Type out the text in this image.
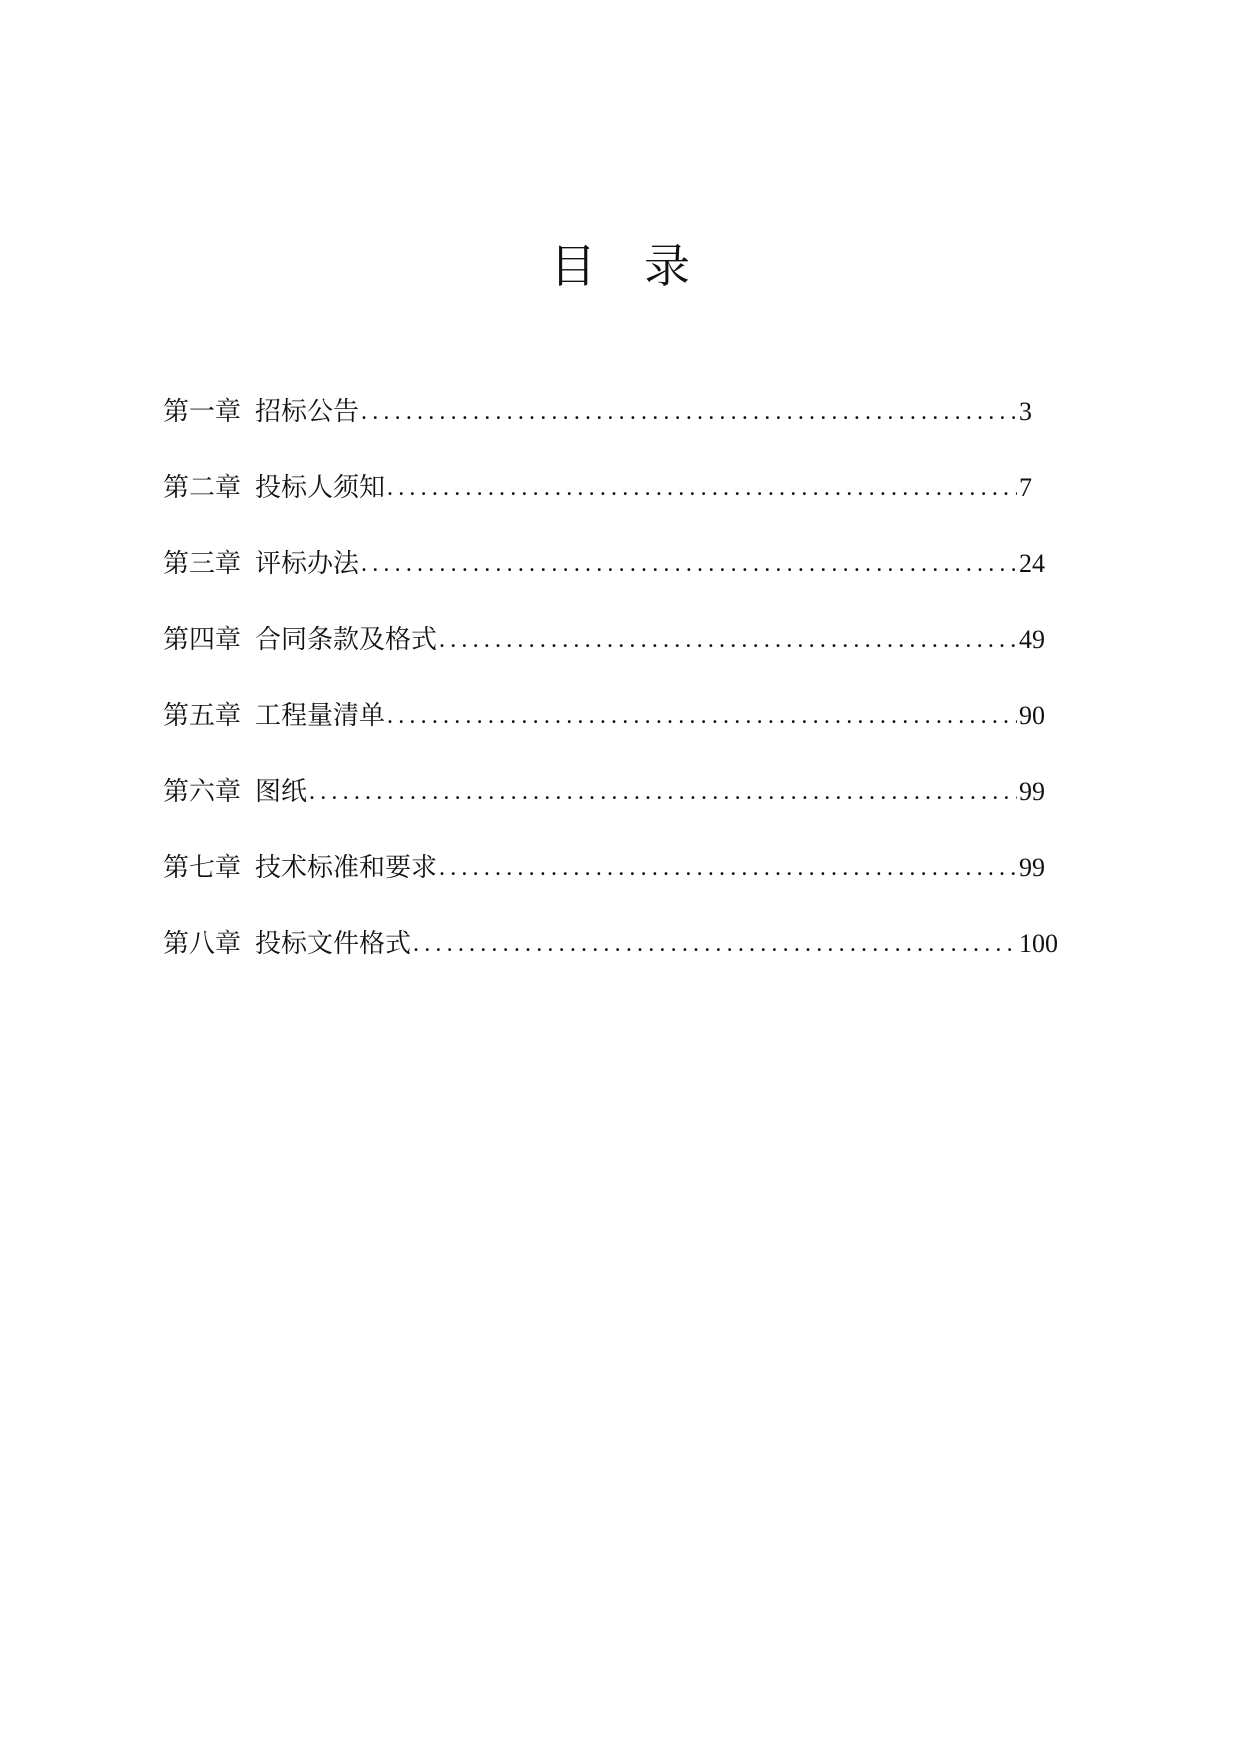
目录
第一章 招标公告 .....	3
第二章 投标人须知 .....	7
第三章 评标办法 .....	24
第四章 合同条款及格式 .....	49
第五章 工程量清单 .....	90
第六章 图纸 .....	99
第七章 技术标准和要求 .....	99
第八章 投标文件格式 .....	100
